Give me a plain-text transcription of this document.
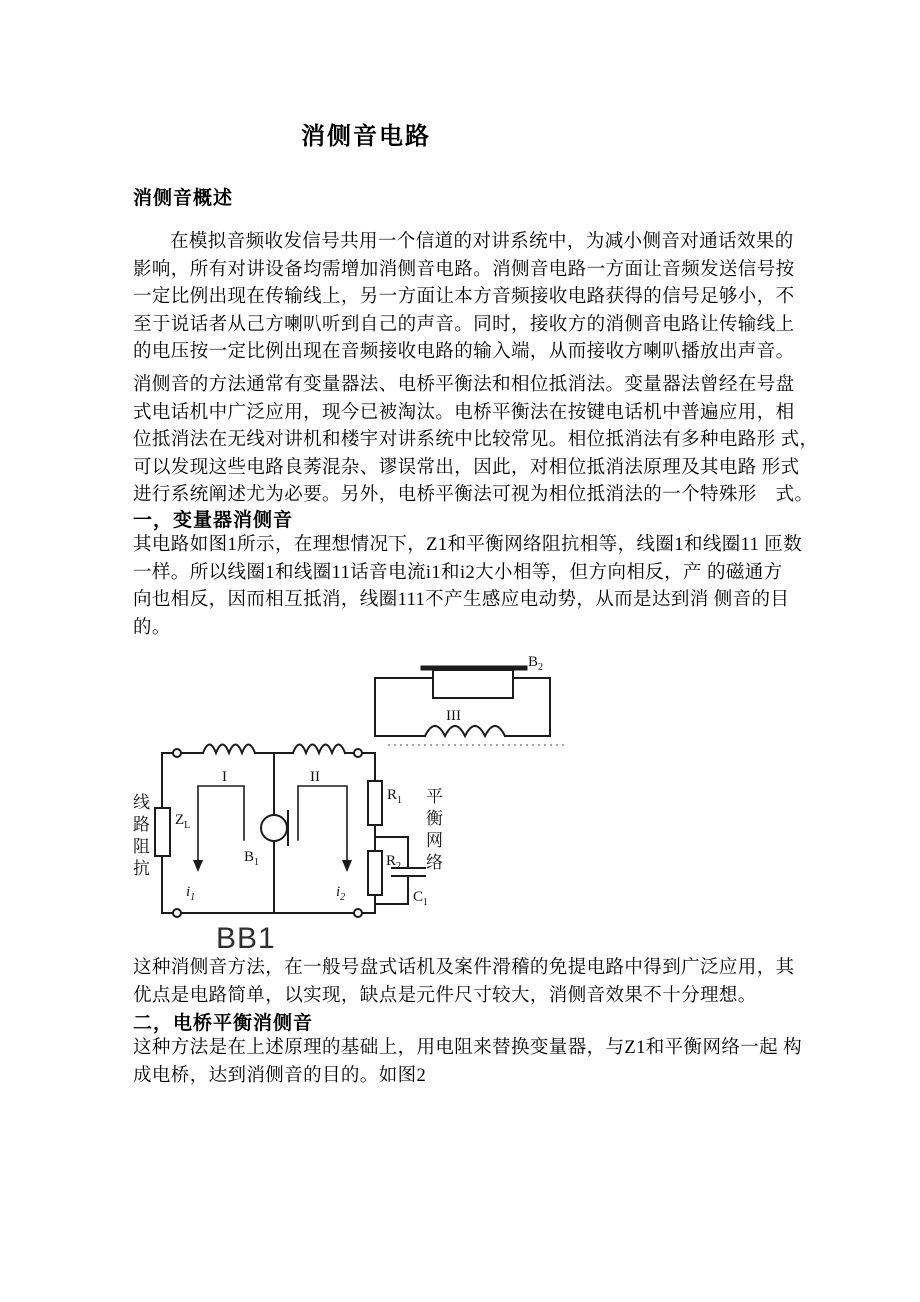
消侧音电路
消侧音概述
在模拟音频收发信号共用一个信道的对讲系统中，为减小侧音对通话效果的
影响，所有对讲设备均需增加消侧音电路。消侧音电路一方面让音频发送信号按
一定比例出现在传输线上，另一方面让本方音频接收电路获得的信号足够小，不
至于说话者从己方喇叭听到自己的声音。同时，接收方的消侧音电路让传输线上
的电压按一定比例出现在音频接收电路的输入端，从而接收方喇叭播放出声音。
消侧音的方法通常有变量器法、电桥平衡法和相位抵消法。变量器法曾经在号盘
式电话机中广泛应用，现今已被淘汰。电桥平衡法在按键电话机中普遍应用，相
位抵消法在无线对讲机和楼宇对讲系统中比较常见。相位抵消法有多种电路形 式，
可以发现这些电路良莠混杂、谬误常出，因此，对相位抵消法原理及其电路 形式
进行系统阐述尤为必要。另外，电桥平衡法可视为相位抵消法的一个特殊形　式。
一，变量器消侧音
其电路如图1所示，在理想情况下，Z1和平衡网络阻抗相等，线圈1和线圈11 匝数
一样。所以线圈1和线圈11话音电流i1和i2大小相等，但方向相反，产 的磁通方
向也相反，因而相互抵消，线圈111不产生感应电动势，从而是达到消 侧音的目
的。
$B_2$
III
I	II
$B_1$
$Z_L$
$R_1$
$R_2$
$C_1$
$i_1$	$i_2$
线路阻抗	平衡网络
BB1
这种消侧音方法，在一般号盘式话机及案件滑稽的免提电路中得到广泛应用，其
优点是电路简单，以实现，缺点是元件尺寸较大，消侧音效果不十分理想。
二，电桥平衡消侧音
这种方法是在上述原理的基础上，用电阻来替换变量器，与Z1和平衡网络一起 构
成电桥，达到消侧音的目的。如图2
